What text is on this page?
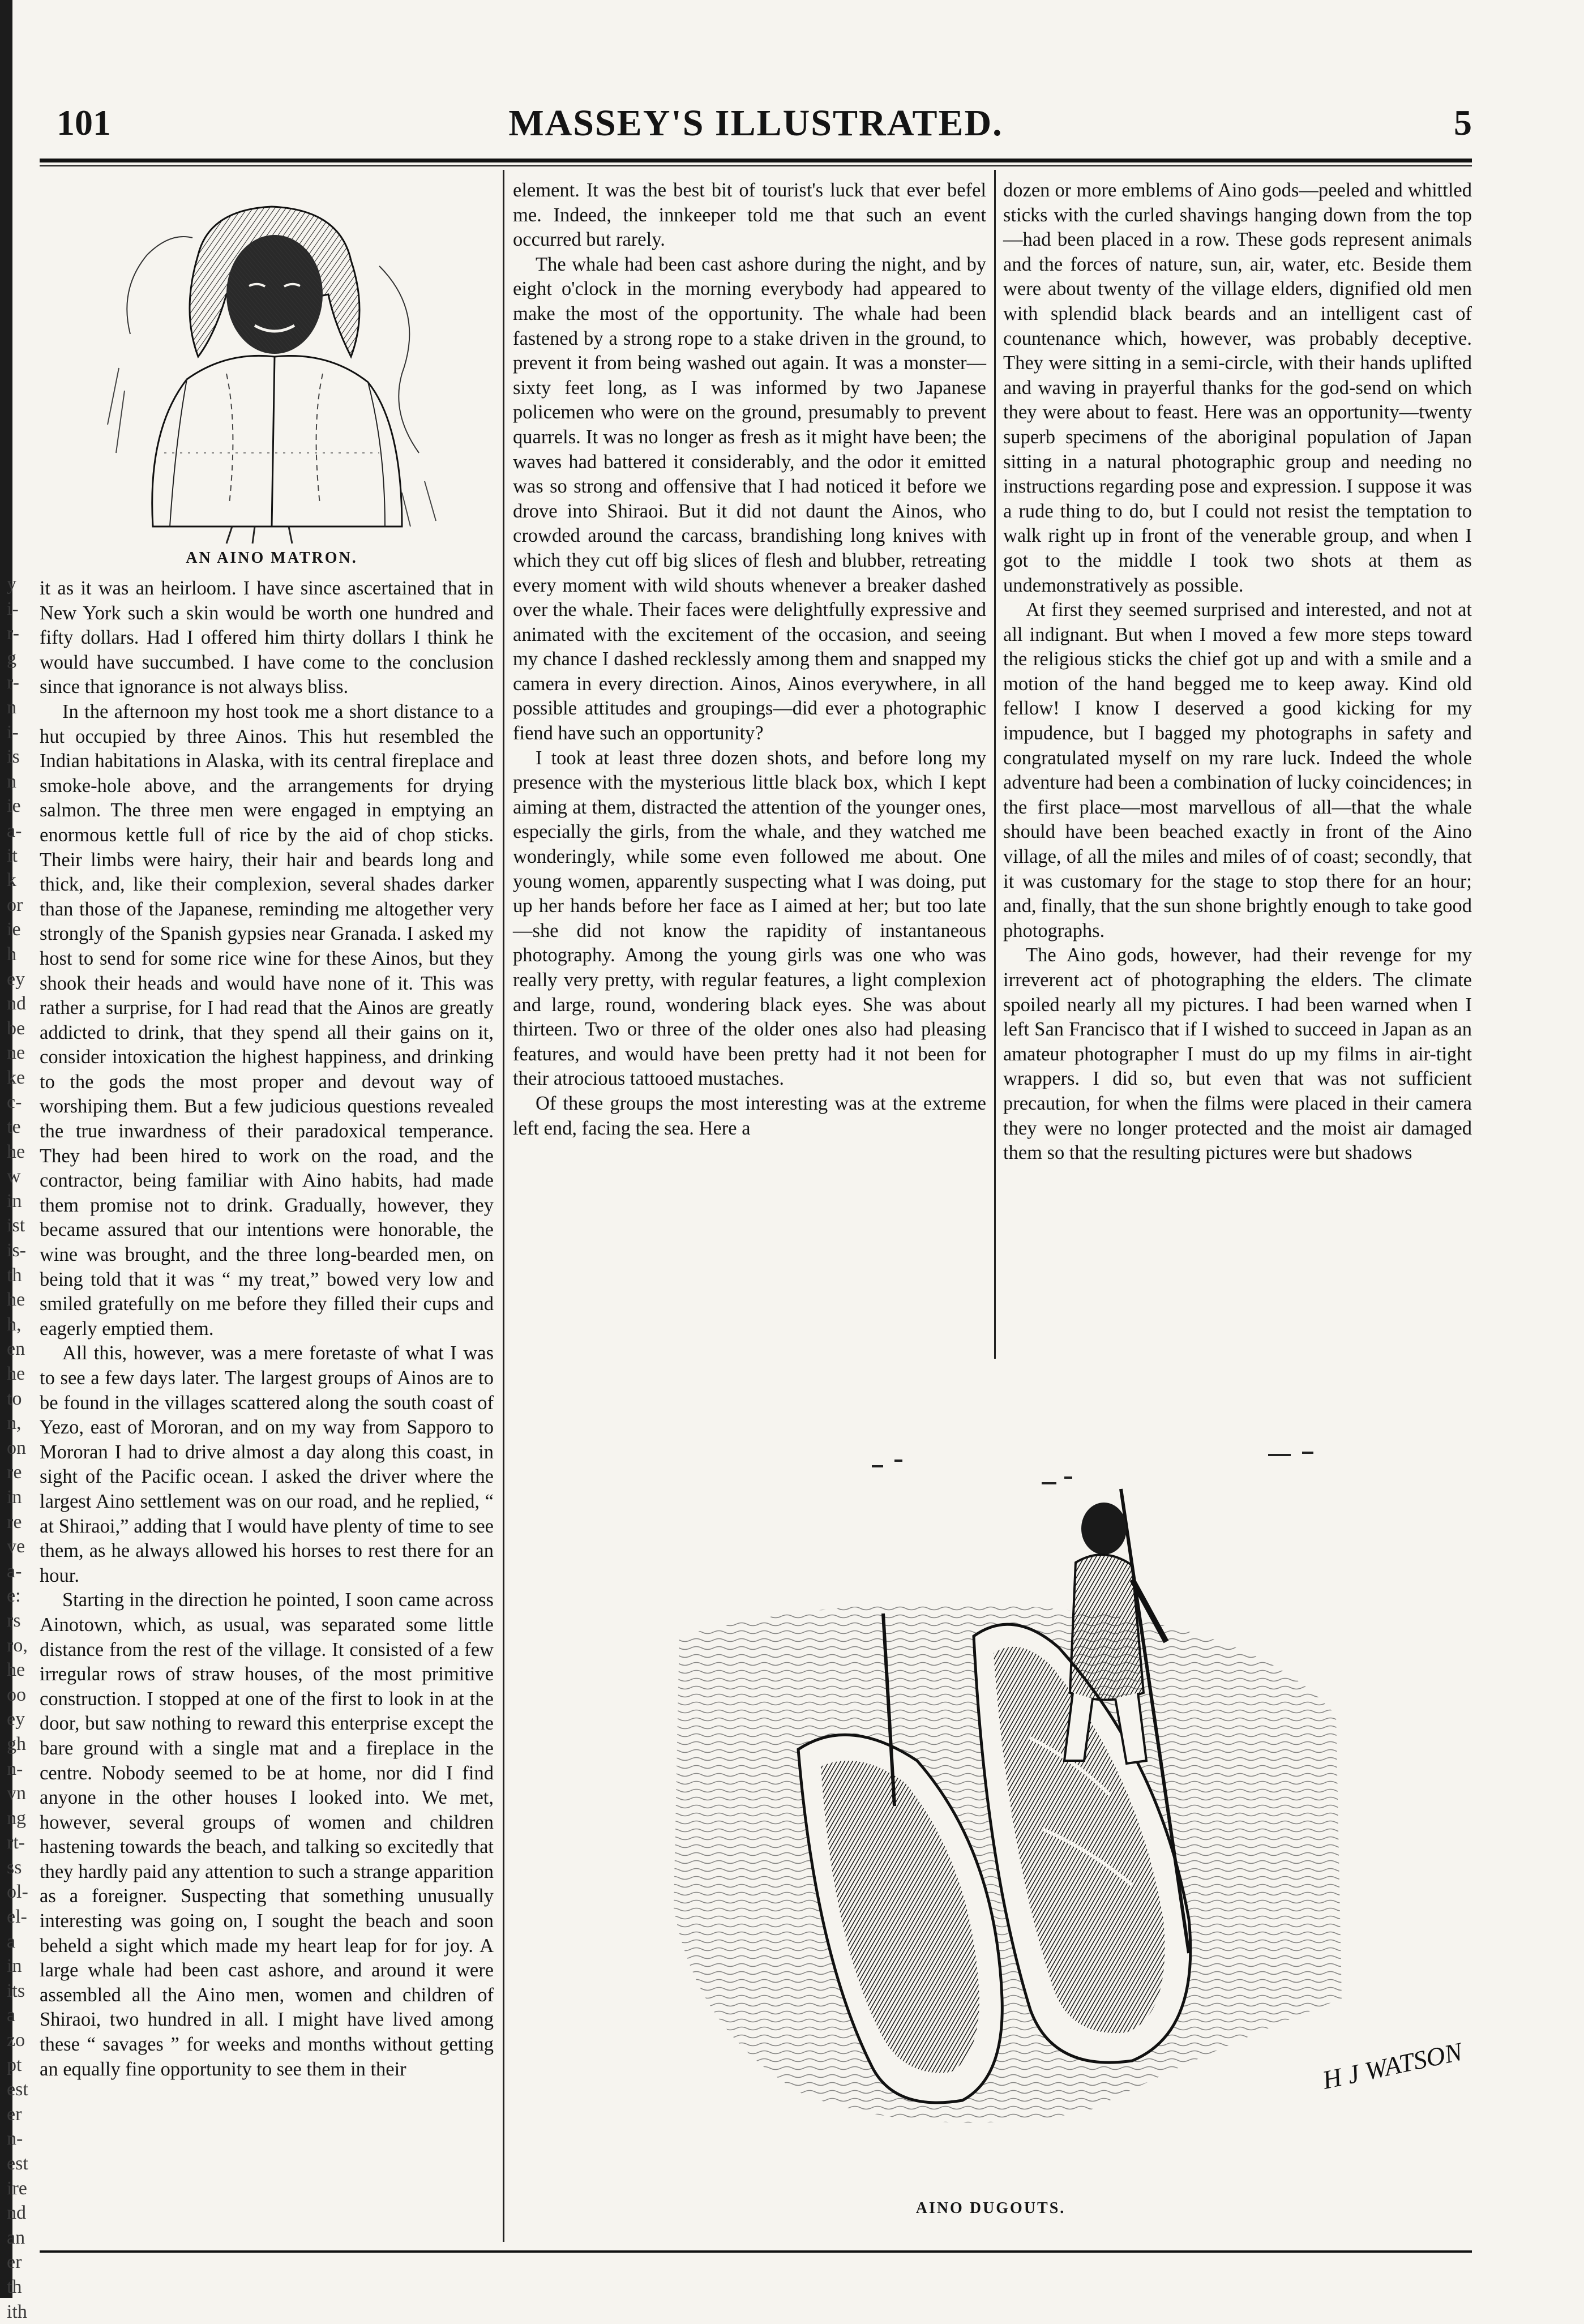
y
i-
r-
g
r-
n
i-
is
n
ie
a-
it
k
or
ie
h
ey
nd
be
ne
ke
c-
te
he
w
in
ist
is-
th
he
h,
en
he
to
n,
on
re
in
re
ve
a-
e:
rs
ro,
he
oo
ey
gh
n-
vn
ng
rt-
ss
ol-
el-
a
in
its
a
zo
pt
est
er
n-
est
ire
nd
an
er
th
ith
101	MASSEY'S ILLUSTRATED.	5
AN AINO MATRON.

it as it was an heirloom. I have since ascertained that in New York such a skin would be worth one hundred and fifty dollars. Had I offered him thirty dollars I think he would have succumbed. I have come to the conclusion since that ignorance is not always bliss.

In the afternoon my host took me a short distance to a hut occupied by three Ainos. This hut resembled the Indian habitations in Alaska, with its central fireplace and smoke-hole above, and the arrangements for drying salmon. The three men were engaged in emptying an enormous kettle full of rice by the aid of chop sticks. Their limbs were hairy, their hair and beards long and thick, and, like their complexion, several shades darker than those of the Japanese, reminding me altogether very strongly of the Spanish gypsies near Granada. I asked my host to send for some rice wine for these Ainos, but they shook their heads and would have none of it. This was rather a surprise, for I had read that the Ainos are greatly addicted to drink, that they spend all their gains on it, consider intoxication the highest happiness, and drinking to the gods the most proper and devout way of worshiping them. But a few judicious questions revealed the true inwardness of their paradoxical temperance. They had been hired to work on the road, and the contractor, being familiar with Aino habits, had made them promise not to drink. Gradually, however, they became assured that our intentions were honorable, the wine was brought, and the three long-bearded men, on being told that it was “ my treat,” bowed very low and smiled gratefully on me before they filled their cups and eagerly emptied them.

All this, however, was a mere foretaste of what I was to see a few days later. The largest groups of Ainos are to be found in the villages scattered along the south coast of Yezo, east of Mororan, and on my way from Sapporo to Mororan I had to drive almost a day along this coast, in sight of the Pacific ocean. I asked the driver where the largest Aino settlement was on our road, and he replied, “ at Shiraoi,” adding that I would have plenty of time to see them, as he always allowed his horses to rest there for an hour.

Starting in the direction he pointed, I soon came across Ainotown, which, as usual, was separated some little distance from the rest of the village. It consisted of a few irregular rows of straw houses, of the most primitive construction. I stopped at one of the first to look in at the door, but saw nothing to reward this enterprise except the bare ground with a single mat and a fireplace in the centre. Nobody seemed to be at home, nor did I find anyone in the other houses I looked into. We met, however, several groups of women and children hastening towards the beach, and talking so excitedly that they hardly paid any attention to such a strange apparition as a foreigner. Suspecting that something unusually interesting was going on, I sought the beach and soon beheld a sight which made my heart leap for for joy. A large whale had been cast ashore, and around it were assembled all the Aino men, women and children of Shiraoi, two hundred in all. I might have lived among these “ savages ” for weeks and months without getting an equally fine opportunity to see them in their

element. It was the best bit of tourist's luck that ever befel me. Indeed, the innkeeper told me that such an event occurred but rarely.

The whale had been cast ashore during the night, and by eight o'clock in the morning everybody had appeared to make the most of the opportunity. The whale had been fastened by a strong rope to a stake driven in the ground, to prevent it from being washed out again. It was a monster—sixty feet long, as I was informed by two Japanese policemen who were on the ground, presumably to prevent quarrels. It was no longer as fresh as it might have been; the waves had battered it considerably, and the odor it emitted was so strong and offensive that I had noticed it before we drove into Shiraoi. But it did not daunt the Ainos, who crowded around the carcass, brandishing long knives with which they cut off big slices of flesh and blubber, retreating every moment with wild shouts whenever a breaker dashed over the whale. Their faces were delightfully expressive and animated with the excitement of the occasion, and seeing my chance I dashed recklessly among them and snapped my camera in every direction. Ainos, Ainos everywhere, in all possible attitudes and groupings—did ever a photographic fiend have such an opportunity?

I took at least three dozen shots, and before long my presence with the mysterious little black box, which I kept aiming at them, distracted the attention of the younger ones, especially the girls, from the whale, and they watched me wonderingly, while some even followed me about. One young women, apparently suspecting what I was doing, put up her hands before her face as I aimed at her; but too late—she did not know the rapidity of instantaneous photography. Among the young girls was one who was really very pretty, with regular features, a light complexion and large, round, wondering black eyes. She was about thirteen. Two or three of the older ones also had pleasing features, and would have been pretty had it not been for their atrocious tattooed mustaches.

Of these groups the most interesting was at the extreme left end, facing the sea. Here a

dozen or more emblems of Aino gods—peeled and whittled sticks with the curled shavings hanging down from the top—had been placed in a row. These gods represent animals and the forces of nature, sun, air, water, etc. Beside them were about twenty of the village elders, dignified old men with splendid black beards and an intelligent cast of countenance which, however, was probably deceptive. They were sitting in a semi-circle, with their hands uplifted and waving in prayerful thanks for the god-send on which they were about to feast. Here was an opportunity—twenty superb specimens of the aboriginal population of Japan sitting in a natural photographic group and needing no instructions regarding pose and expression. I suppose it was a rude thing to do, but I could not resist the temptation to walk right up in front of the venerable group, and when I got to the middle I took two shots at them as undemonstratively as possible.

At first they seemed surprised and interested, and not at all indignant. But when I moved a few more steps toward the religious sticks the chief got up and with a smile and a motion of the hand begged me to keep away. Kind old fellow! I know I deserved a good kicking for my impudence, but I bagged my photographs in safety and congratulated myself on my rare luck. Indeed the whole adventure had been a combination of lucky coincidences; in the first place—most marvellous of all—that the whale should have been beached exactly in front of the Aino village, of all the miles and miles of of coast; secondly, that it was customary for the stage to stop there for an hour; and, finally, that the sun shone brightly enough to take good photographs.

The Aino gods, however, had their revenge for my irreverent act of photographing the elders. The climate spoiled nearly all my pictures. I had been warned when I left San Francisco that if I wished to succeed in Japan as an amateur photographer I must do up my films in air-tight wrappers. I did so, but even that was not sufficient precaution, for when the films were placed in their camera they were no longer protected and the moist air damaged them so that the resulting pictures were but shadows

H J WATSON
AINO DUGOUTS.
